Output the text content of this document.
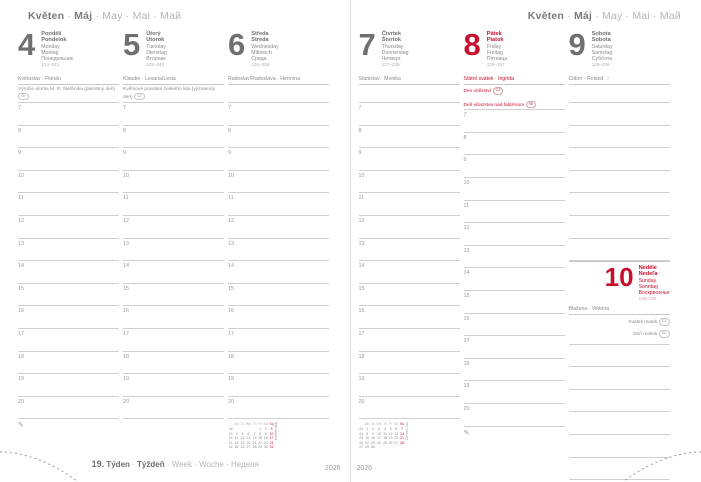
Květen · Máj · May · Mai · Май
4	Pondělí
Pondelok
Monday
Montag
Понедельник
124–241
Květoslav · Florián
Výročie úmrtia M. R. Štefánika (pamätný deň) SK
7
8
9
10
11
12
13
14
15
16
17
18
19
20
✎
5	Úterý
Utorok
Tuesday
Dienstag
Вторник
125–240
Klaudie · Lesana/Lesia
Květnové povstání českého lidu (významný den) CZ
7
8
9
10
11
12
13
14
15
16
17
18
19
20
6	Středa
Streda
Wednesday
Mittwoch
Среда
126–239
Radoslav/Radoslava · Hermína
7
8
9
10
11
12
13
14
15
16
17
18
19
20
	Mo	Tu	We	Th	Fr	Sa	Su
18					1	2	3
19	4	5	6	7	8	9	10
20	11	12	13	14	15	16	17
21	18	19	20	21	22	23	24
22	25	26	27	28	29	30	31
Květen Máj
19. Týden · Týždeň · Week · Woche · Неделя	2026
Květen · Máj · May · Mai · Май
7	Čtvrtek
Štvrtok
Thursday
Donnerstag
Четверг
127–238
Stanislav · Monika
7
8
9
10
11
12
13
14
15
16
17
18
19
20
	Mo	Tu	We	Th	Fr	Sa	Su
23	1	2	3	4	5	6	7
24	8	9	10	11	12	13	14
25	15	16	17	18	19	20	21
26	22	23	24	25	26	27	28
27	29	30					
Červen Jún
8	Pátek
Piatok
Friday
Freitag
Пятница
128–237
Státní svátek · Ingrida
Den vítězství CZ
Deň víťazstva nad fašizmom SK
7
8
9
10
11
12
13
14
15
16
17
18
19
20
✎
9	Sobota
Sobota
Saturday
Samstag
Суббота
129–236
Ctibor · Roland ☽
10 Neděle
Nedeľa
Sunday
Sonntag
Воскресенье
130–235
Blažena · Viktória
Svátek matek CZ
Deň matiek SK
2026
